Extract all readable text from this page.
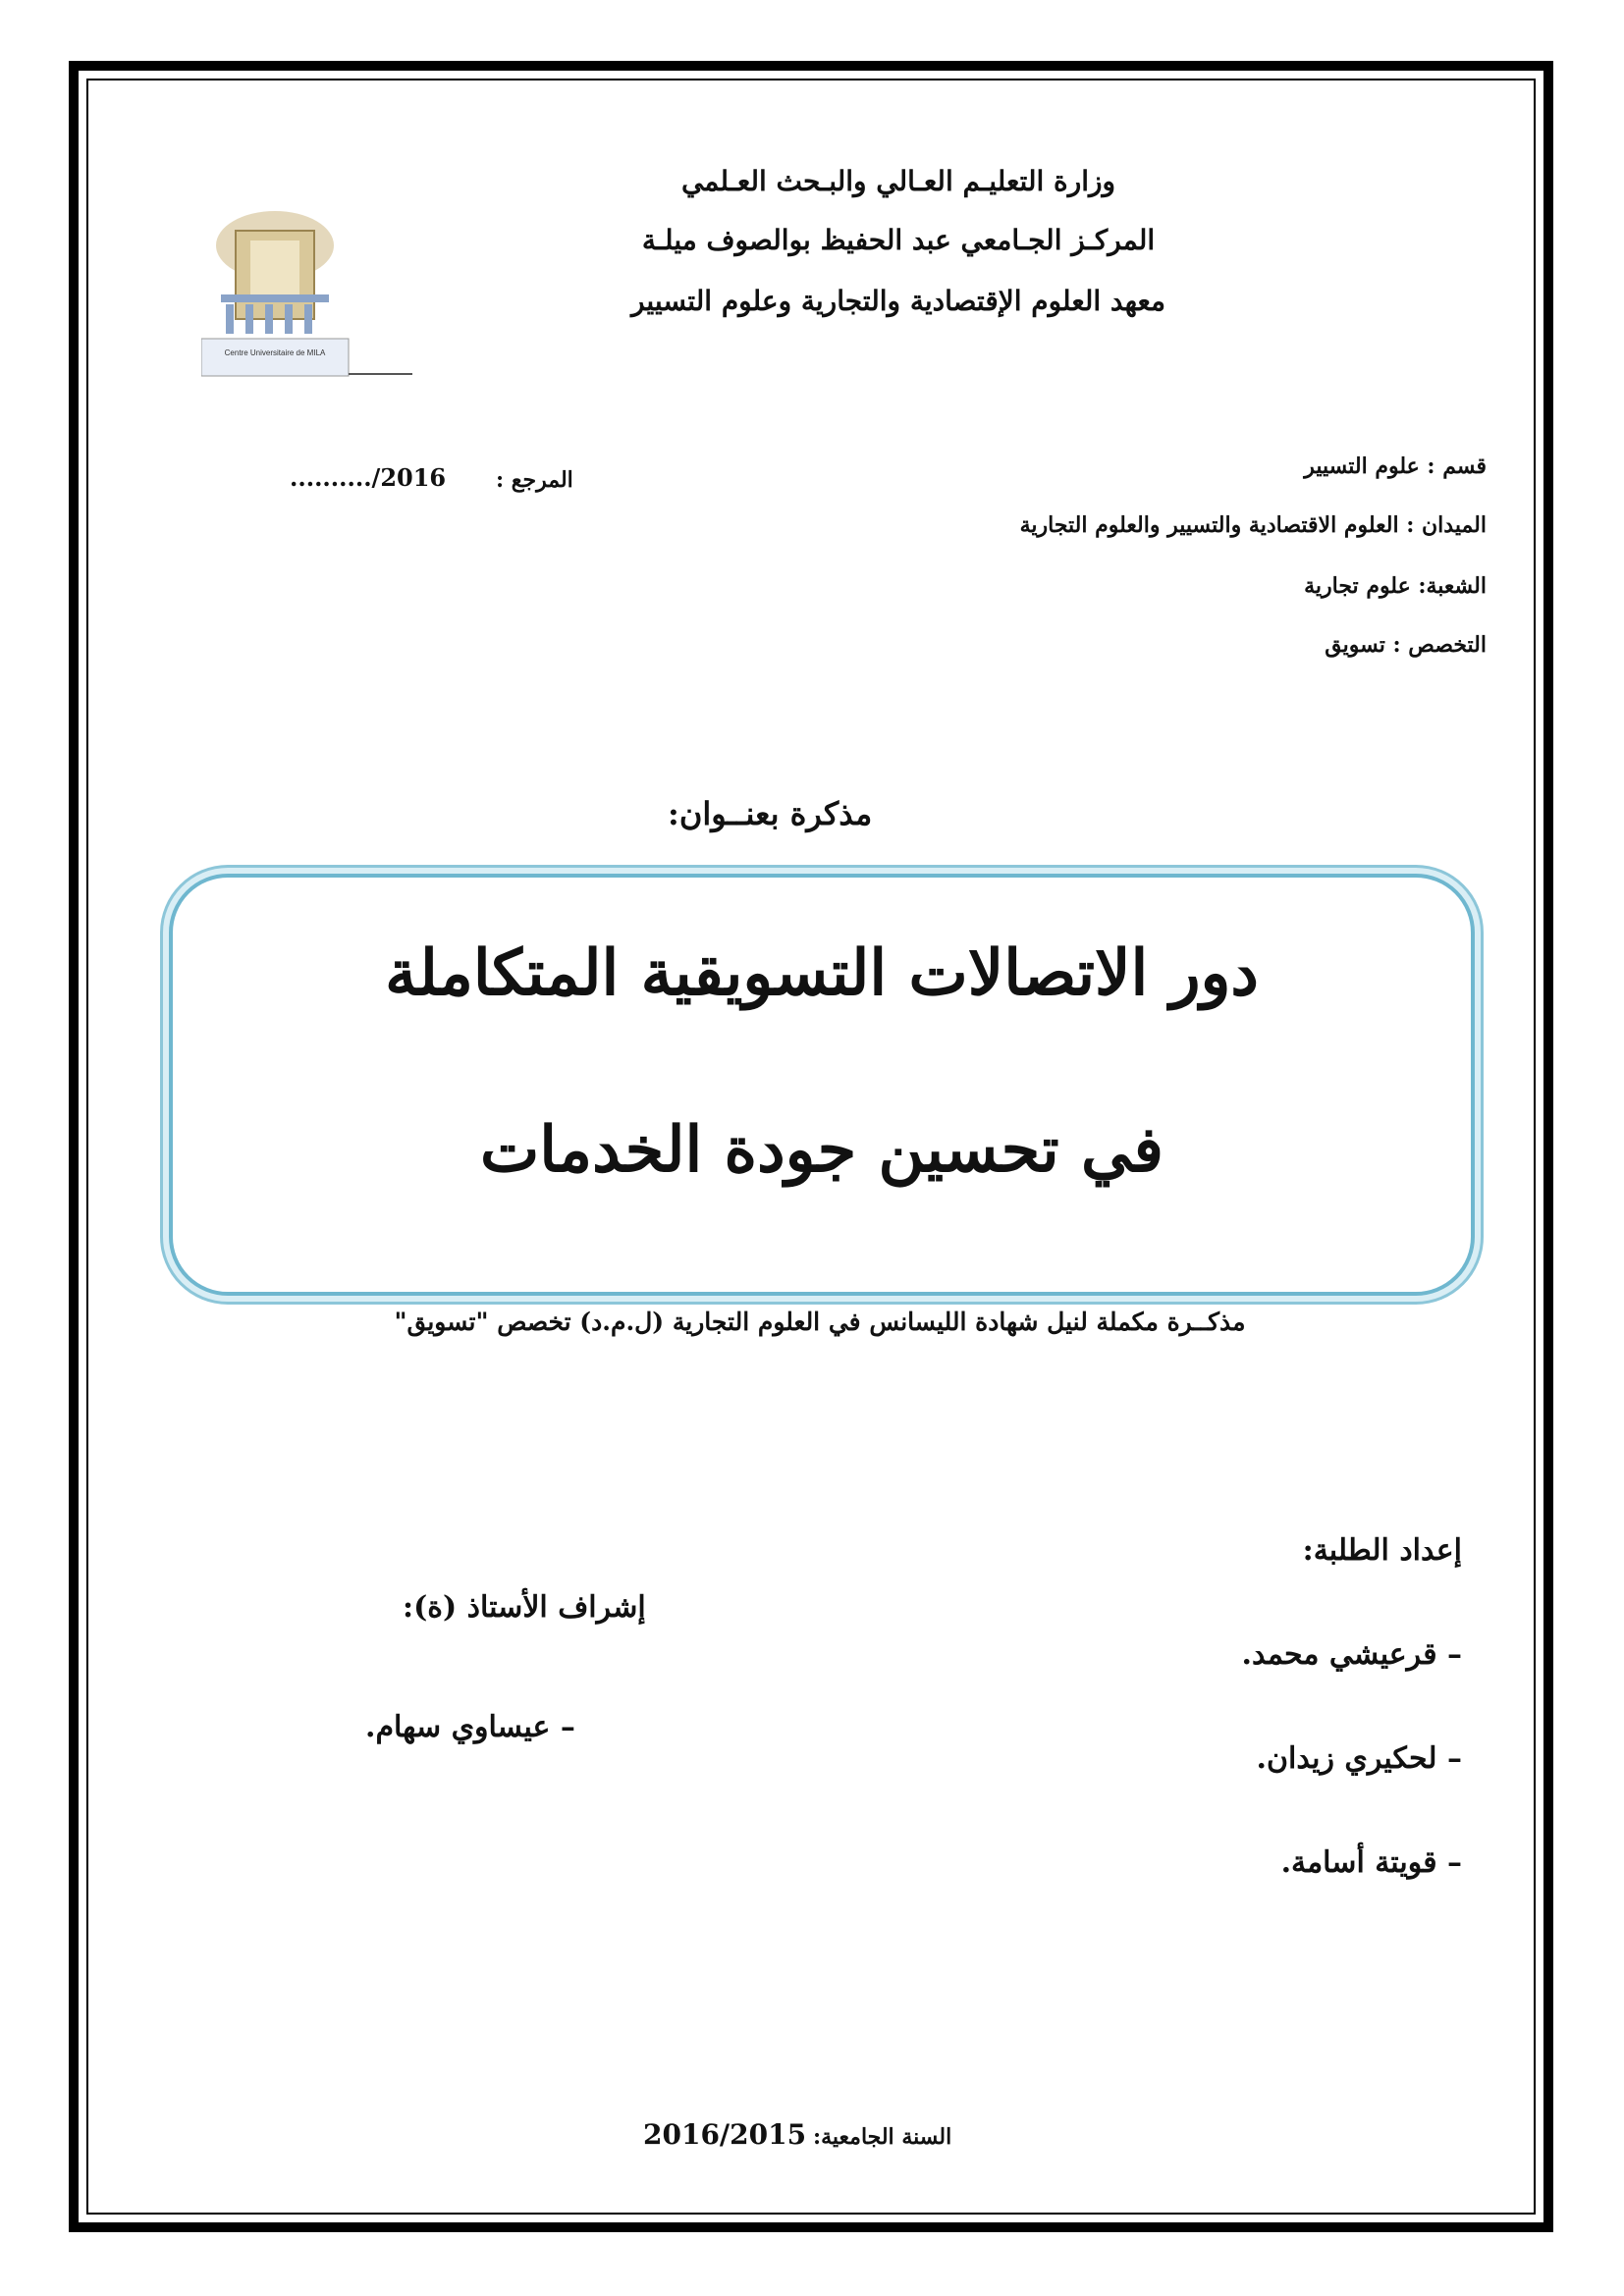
وزارة التعليـم العـالي والبـحث العـلمي
المركـز الجـامعي عبد الحفيظ بوالصوف ميلـة
معهد العلوم الإقتصادية والتجارية وعلوم التسيير
Centre Universitaire de MILA
قسم : علوم التسيير
الميدان : العلوم الاقتصادية والتسيير والعلوم التجارية
الشعبة: علوم تجارية
التخصص : تسويق
........../2016 المرجع :
مذكرة بعنــوان:
دور الاتصالات التسويقية المتكاملة
في تحسين جودة الخدمات
مذكــرة مكملة لنيل شهادة الليسانس في العلوم التجارية (ل.م.د) تخصص "تسويق"
إعداد الطلبة:
– قرعيشي محمد.
– لحكيري زيدان.
– قويتة أسامة.
إشراف الأستاذ (ة):
– عيساوي سهام.
2016/2015 السنة الجامعية:
